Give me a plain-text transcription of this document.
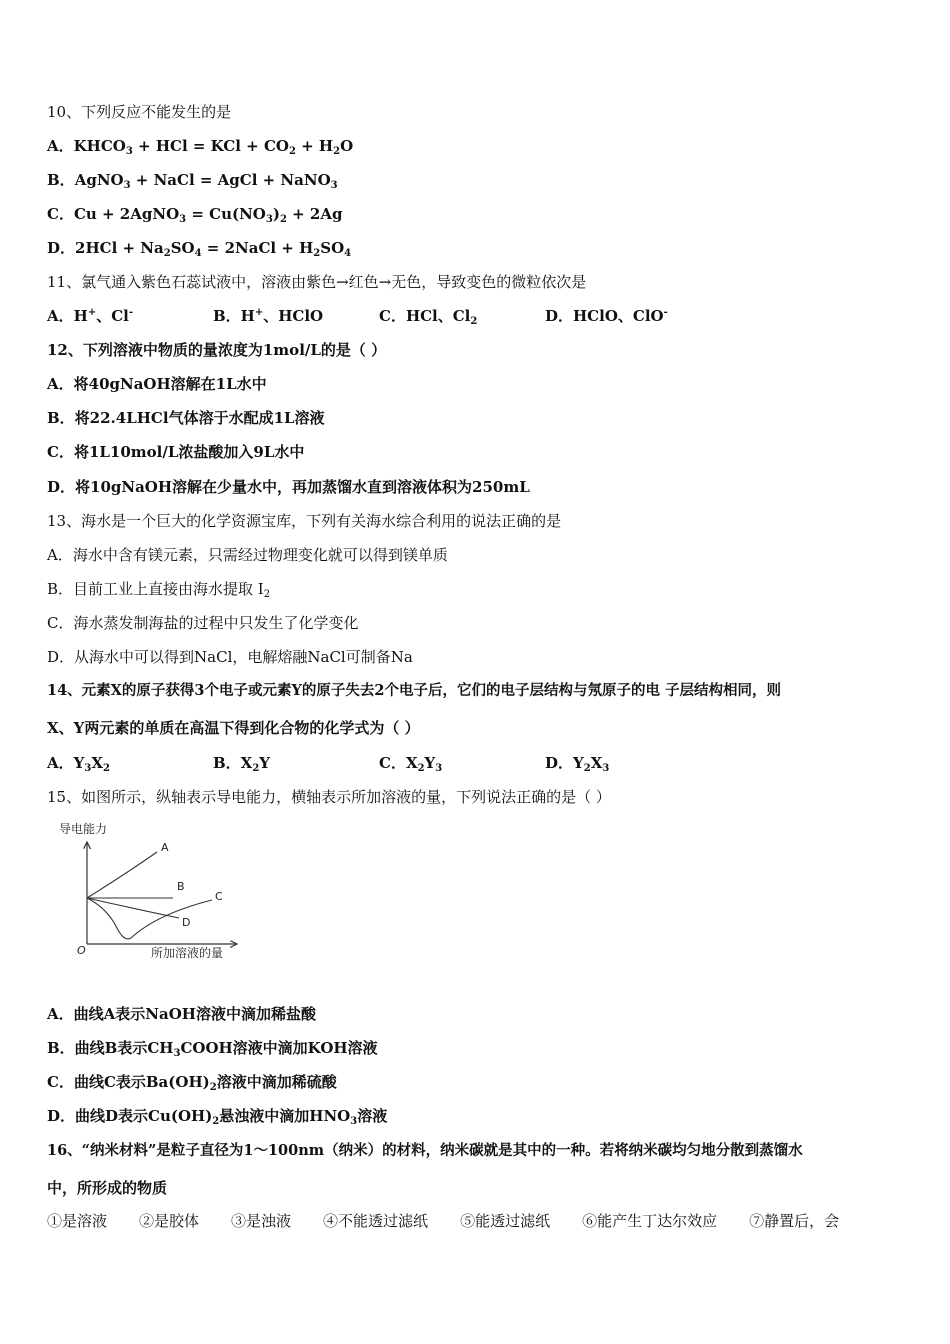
10、下列反应不能发生的是
A．$KHCO_3$ + HCl = KCl + $CO_2 + H_2O$
B．AgNO$_3$ + NaCl = AgCl + NaNO$_3$
C．Cu + 2AgNO$_3$ = $Cu(NO_3)_2 + 2Ag$
D．$2HCl + Na_2SO_4$ = 2NaCl + $H_2SO_4$
11、氯气通入紫色石蕊试液中，溶液由紫色→红色→无色，导致变色的微粒依次是
A．H+、Cl-	B．H+、HClO	C．HCl、$Cl_2$	D．HClO、ClO-
12、下列溶液中物质的量浓度为1mol/L的是（ ）
A．将40gNaOH溶解在1L水中
B．将22.4LHCl气体溶于水配成1L溶液
C．将1L10mol/L浓盐酸加入9L水中
D．将10gNaOH溶解在少量水中，再加蒸馏水直到溶液体积为250mL
13、海水是一个巨大的化学资源宝库，下列有关海水综合利用的说法正确的是
A．海水中含有镁元素，只需经过物理变化就可以得到镁单质
B．目前工业上直接由海水提取 $I_2$
C．海水蒸发制海盐的过程中只发生了化学变化
D．从海水中可以得到NaCl，电解熔融NaCl可制备Na
14、元素X的原子获得3个电子或元素Y的原子失去2个电子后，它们的电子层结构与氖原子的电 子层结构相同，则
X、Y两元素的单质在高温下得到化合物的化学式为（ ）
A．$Y_3X_2$	B．$X_2Y$	C．$X_2Y_3$	D．$Y_2X_3$
15、如图所示，纵轴表示导电能力，横轴表示所加溶液的量，下列说法正确的是（ ）
导电能力
O	所加溶液的量
A
B
C
D
A．曲线A表示NaOH溶液中滴加稀盐酸
B．曲线B表示$CH_3COOH$溶液中滴加KOH溶液
C．曲线C表示$Ba(OH)_2$溶液中滴加稀硫酸
D．曲线D表示$Cu(OH)_2$悬浊液中滴加$HNO_3$溶液
16、“纳米材料”是粒子直径为1～100nm（纳米）的材料，纳米碳就是其中的一种。若将纳米碳均匀地分散到蒸馏水
中，所形成的物质
①是溶液 ②是胶体 ③是浊液 ④不能透过滤纸 ⑤能透过滤纸 ⑥能产生丁达尔效应 ⑦静置后，会
